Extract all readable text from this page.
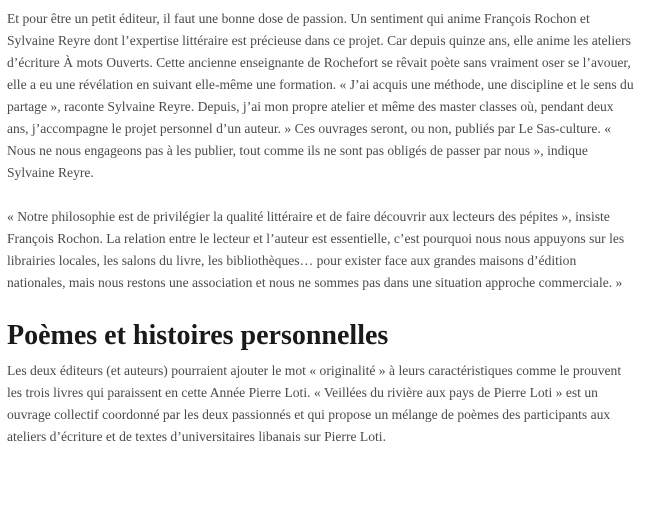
Et pour être un petit éditeur, il faut une bonne dose de passion. Un sentiment qui anime François Rochon et Sylvaine Reyre dont l’expertise littéraire est précieuse dans ce projet. Car depuis quinze ans, elle anime les ateliers d’écriture À mots Ouverts. Cette ancienne enseignante de Rochefort se rêvait poète sans vraiment oser se l’avouer, elle a eu une révélation en suivant elle-même une formation. « J’ai acquis une méthode, une discipline et le sens du partage », raconte Sylvaine Reyre. Depuis, j’ai mon propre atelier et même des master classes où, pendant deux ans, j’accompagne le projet personnel d’un auteur. » Ces ouvrages seront, ou non, publiés par Le Sas-culture. « Nous ne nous engageons pas à les publier, tout comme ils ne sont pas obligés de passer par nous », indique Sylvaine Reyre.

« Notre philosophie est de privilégier la qualité littéraire et de faire découvrir aux lecteurs des pépites », insiste François Rochon. La relation entre le lecteur et l’auteur est essentielle, c’est pourquoi nous nous appuyons sur les librairies locales, les salons du livre, les bibliothèques… pour exister face aux grandes maisons d’édition nationales, mais nous restons une association et nous ne sommes pas dans une situation approche commerciale. »

Poèmes et histoires personnelles

Les deux éditeurs (et auteurs) pourraient ajouter le mot « originalité » à leurs caractéristiques comme le prouvent les trois livres qui paraissent en cette Année Pierre Loti. « Veillées du rivière aux pays de Pierre Loti » est un ouvrage collectif coordonné par les deux passionnés et qui propose un mélange de poèmes des participants aux ateliers d’écriture et de textes d’universitaires libanais sur Pierre Loti.
